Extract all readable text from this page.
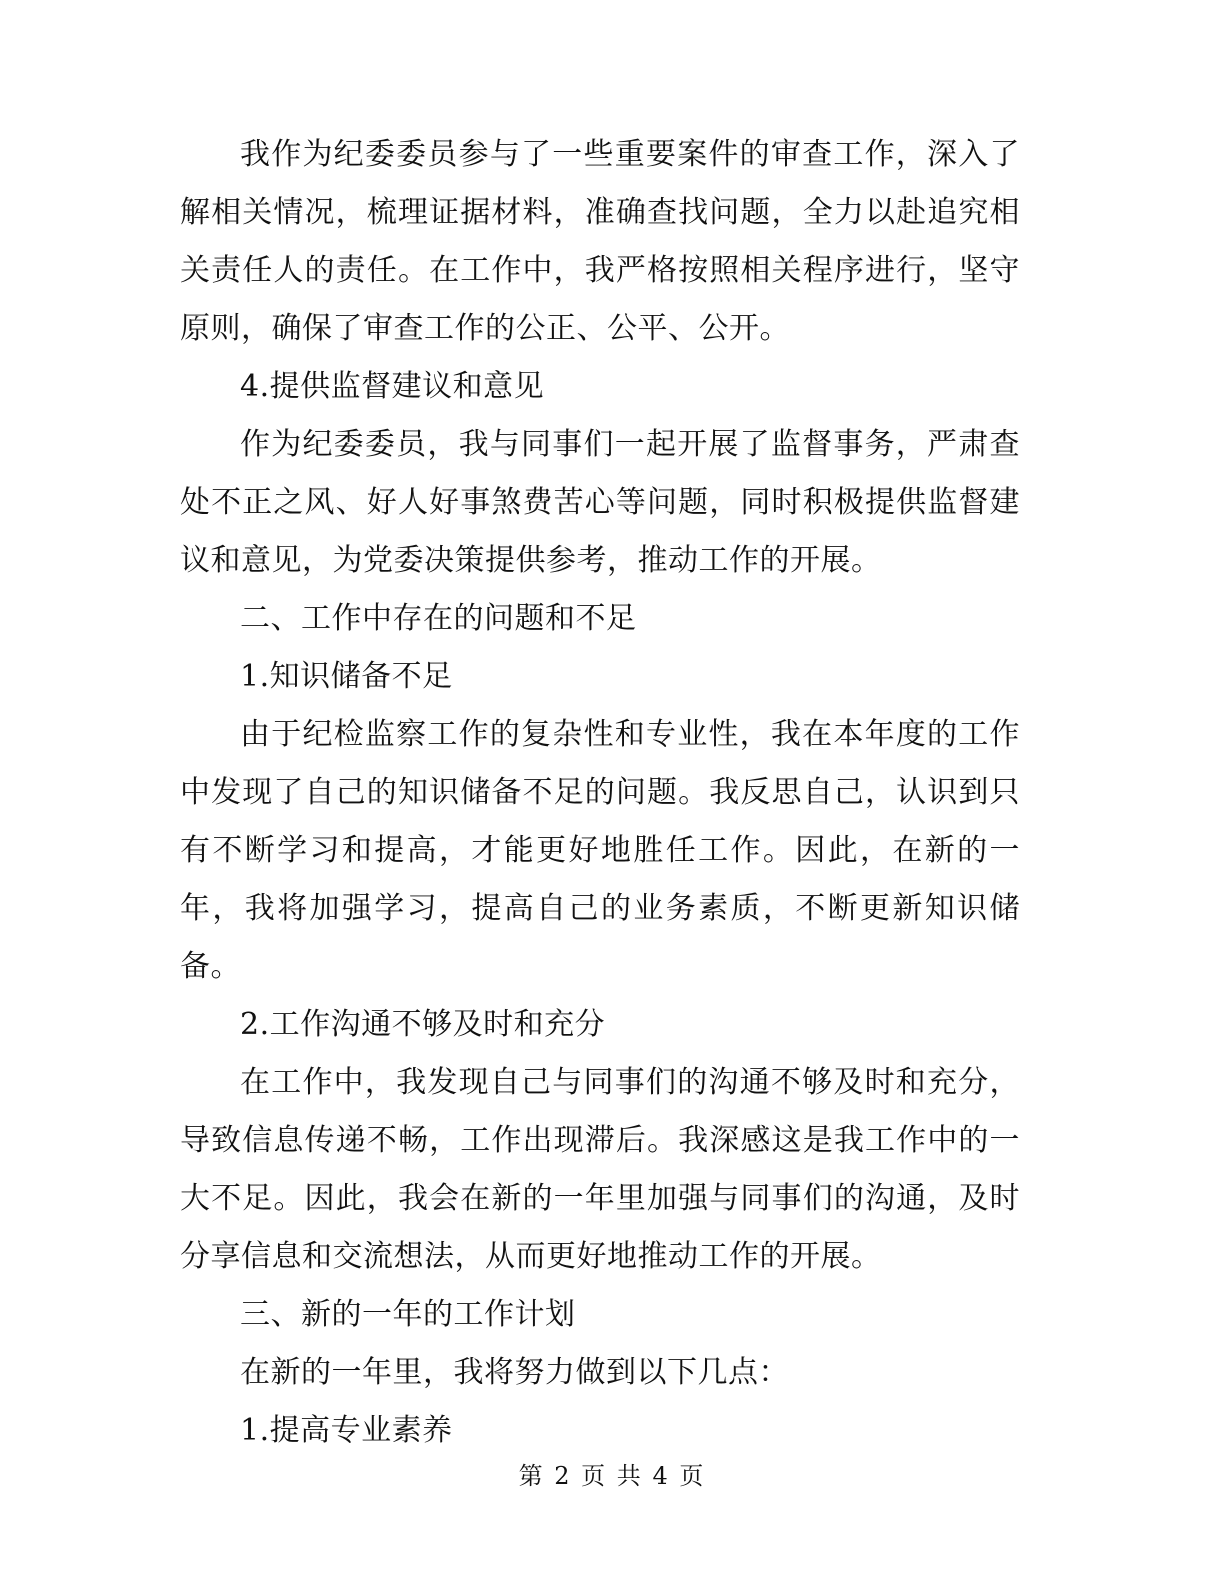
我作为纪委委员参与了一些重要案件的审查工作，深入了解相关情况，梳理证据材料，准确查找问题，全力以赴追究相关责任人的责任。在工作中，我严格按照相关程序进行，坚守原则，确保了审查工作的公正、公平、公开。

4.提供监督建议和意见

作为纪委委员，我与同事们一起开展了监督事务，严肃查处不正之风、好人好事煞费苦心等问题，同时积极提供监督建议和意见，为党委决策提供参考，推动工作的开展。

二、工作中存在的问题和不足

1.知识储备不足

由于纪检监察工作的复杂性和专业性，我在本年度的工作中发现了自己的知识储备不足的问题。我反思自己，认识到只有不断学习和提高，才能更好地胜任工作。因此，在新的一年，我将加强学习，提高自己的业务素质，不断更新知识储备。

2.工作沟通不够及时和充分

在工作中，我发现自己与同事们的沟通不够及时和充分，导致信息传递不畅，工作出现滞后。我深感这是我工作中的一大不足。因此，我会在新的一年里加强与同事们的沟通，及时分享信息和交流想法，从而更好地推动工作的开展。

三、新的一年的工作计划

在新的一年里，我将努力做到以下几点：

1.提高专业素养

第 2 页 共 4 页
